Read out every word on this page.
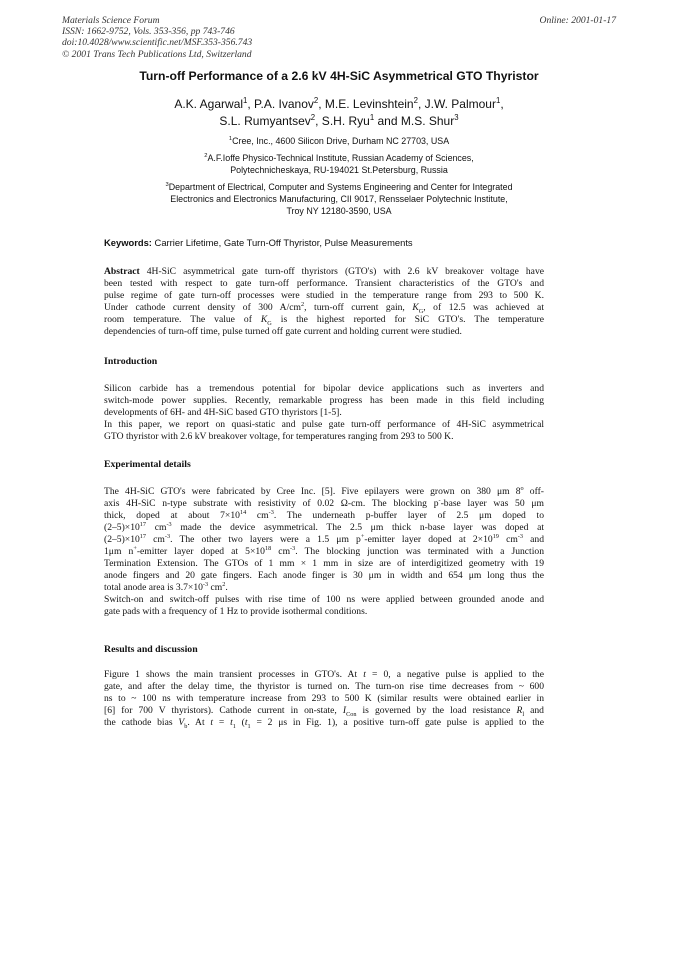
Materials Science Forum
ISSN: 1662-9752, Vols. 353-356, pp 743-746
doi:10.4028/www.scientific.net/MSF.353-356.743
© 2001 Trans Tech Publications Ltd, Switzerland
Online: 2001-01-17
Turn-off Performance of a 2.6 kV 4H-SiC Asymmetrical GTO Thyristor
A.K. Agarwal$^1$, P.A. Ivanov$^2$, M.E. Levinshtein$^2$, J.W. Palmour$^1$,
S.L. Rumyantsev$^2$, S.H. Ryu$^1$ and M.S. Shur$^3$
$^1$Cree, Inc., 4600 Silicon Drive, Durham NC 27703, USA
$^2$A.F.Ioffe Physico-Technical Institute, Russian Academy of Sciences,
Polytechnicheskaya, RU-194021 St.Petersburg, Russia
$^3$Department of Electrical, Computer and Systems Engineering and Center for Integrated
Electronics and Electronics Manufacturing, CII 9017, Rensselaer Polytechnic Institute,
Troy NY 12180-3590, USA
Keywords: Carrier Lifetime, Gate Turn-Off Thyristor, Pulse Measurements
Abstract 4H-SiC asymmetrical gate turn-off thyristors (GTO's) with 2.6 kV breakover voltage have
been tested with respect to gate turn-off performance. Transient characteristics of the GTO's and
pulse regime of gate turn-off processes were studied in the temperature range from 293 to 500 K.
Under cathode current density of 300 $A/cm^2$, turn-off current gain, $K_G$, of 12.5 was achieved at
room temperature. The value of $K_G$ is the highest reported for SiC GTO's. The temperature
dependencies of turn-off time, pulse turned off gate current and holding current were studied.
Introduction
Silicon carbide has a tremendous potential for bipolar device applications such as inverters and
switch-mode power supplies. Recently, remarkable progress has been made in this field including
developments of 6H- and 4H-SiC based GTO thyristors [1-5].
In this paper, we report on quasi-static and pulse gate turn-off performance of 4H-SiC asymmetrical
GTO thyristor with 2.6 kV breakover voltage, for temperatures ranging from 293 to 500 K.
Experimental details
The 4H-SiC GTO's were fabricated by Cree Inc. [5]. Five epilayers were grown on 380 μm 8$^o$ off-
axis 4H-SiC n-type substrate with resistivity of 0.02 Ω-cm. The blocking p--base layer was 50 μm
thick, doped at about $7\times 10^{14}$ $cm^{-3}$. The underneath p-buffer layer of 2.5 μm doped to
$(2-5)\times 10^{17}$ $cm^{-3}$ made the device asymmetrical. The 2.5 μm thick n-base layer was doped at
$(2-5)\times 10^{17}$ $cm^{-3}$. The other two layers were a 1.5 μm p+-emitter layer doped at $2\times 10^{19}$ $cm^{-3}$ and
1μm n+-emitter layer doped at $5\times 10^{18}$ $cm^{-3}$. The blocking junction was terminated with a Junction
Termination Extension. The GTOs of 1 mm × 1 mm in size are of interdigitized geometry with 19
anode fingers and 20 gate fingers. Each anode finger is 30 μm in width and 654 μm long thus the
total anode area is $3.7\times 10^{-3}$ $cm^2$.
Switch-on and switch-off pulses with rise time of 100 ns were applied between grounded anode and
gate pads with a frequency of 1 Hz to provide isothermal conditions.
Results and discussion
Figure 1 shows the main transient processes in GTO's. At t = 0, a negative pulse is applied to the
gate, and after the delay time, the thyristor is turned on. The turn-on rise time decreases from ~ 600
ns to ~ 100 ns with temperature increase from 293 to 500 K (similar results were obtained earlier in
[6] for 700 V thyristors). Cathode current in on-state, $I_{Con}$ is governed by the load resistance $R_l$ and
the cathode bias $V_b$. At $t = t_1$ ($t_1 = 2$ μs in Fig. 1), a positive turn-off gate pulse is applied to the
